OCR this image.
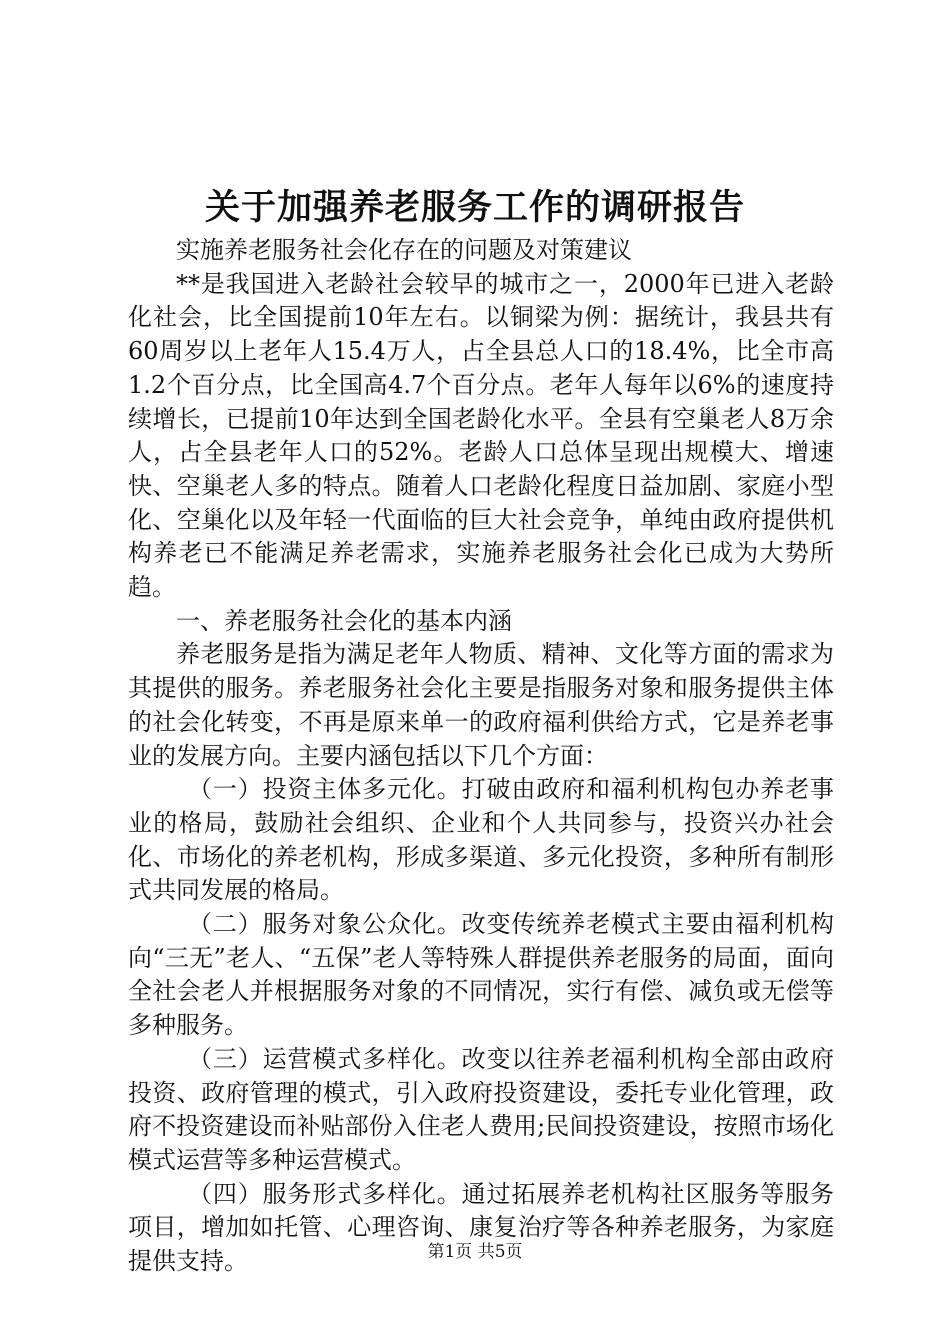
关于加强养老服务工作的调研报告

实施养老服务社会化存在的问题及对策建议

**是我国进入老龄社会较早的城市之一，2000年已进入老龄化社会，比全国提前10年左右。以铜梁为例：据统计，我县共有60周岁以上老年人15.4万人，占全县总人口的18.4%，比全市高1.2个百分点，比全国高4.7个百分点。老年人每年以6%的速度持续增长，已提前10年达到全国老龄化水平。全县有空巢老人8万余人，占全县老年人口的52%。老龄人口总体呈现出规模大、增速快、空巢老人多的特点。随着人口老龄化程度日益加剧、家庭小型化、空巢化以及年轻一代面临的巨大社会竞争，单纯由政府提供机构养老已不能满足养老需求，实施养老服务社会化已成为大势所趋。

一、养老服务社会化的基本内涵

养老服务是指为满足老年人物质、精神、文化等方面的需求为其提供的服务。养老服务社会化主要是指服务对象和服务提供主体的社会化转变，不再是原来单一的政府福利供给方式，它是养老事业的发展方向。主要内涵包括以下几个方面：

（一）投资主体多元化。打破由政府和福利机构包办养老事业的格局，鼓励社会组织、企业和个人共同参与，投资兴办社会化、市场化的养老机构，形成多渠道、多元化投资，多种所有制形式共同发展的格局。

（二）服务对象公众化。改变传统养老模式主要由福利机构向“三无”老人、“五保”老人等特殊人群提供养老服务的局面，面向全社会老人并根据服务对象的不同情况，实行有偿、减负或无偿等多种服务。

（三）运营模式多样化。改变以往养老福利机构全部由政府投资、政府管理的模式，引入政府投资建设，委托专业化管理，政府不投资建设而补贴部份入住老人费用;民间投资建设，按照市场化模式运营等多种运营模式。

（四）服务形式多样化。通过拓展养老机构社区服务等服务项目，增加如托管、心理咨询、康复治疗等各种养老服务，为家庭提供支持。	第1页 共5页
